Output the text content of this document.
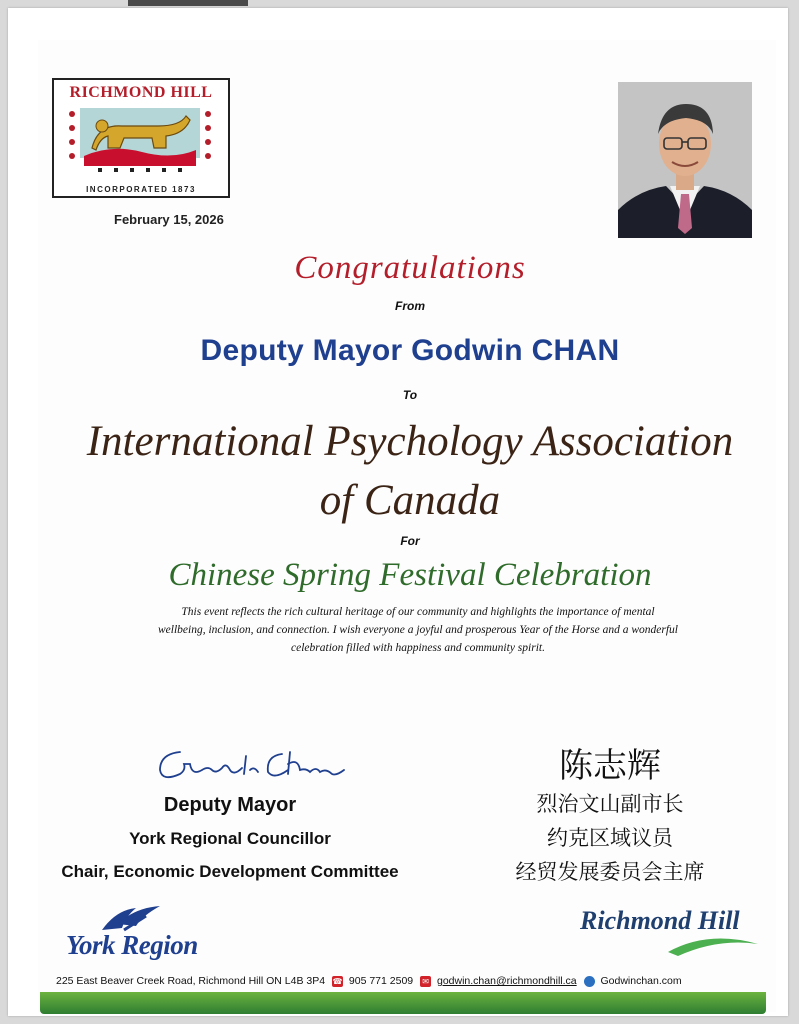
RICHMOND HILL
INCORPORATED 1873
February 15, 2026
Congratulations
From
Deputy Mayor Godwin CHAN
To
International Psychology Association
of Canada
For
Chinese Spring Festival Celebration
This event reflects the rich cultural heritage of our community and highlights the importance of mental
wellbeing, inclusion, and connection. I wish everyone a joyful and prosperous Year of the Horse and a wonderful
celebration filled with happiness and community spirit.
Deputy Mayor
York Regional Councillor
Chair, Economic Development Committee
陈志辉
烈治文山副市长
约克区域议员
经贸发展委员会主席
York Region
Richmond Hill
225 East Beaver Creek Road, Richmond Hill ON L4B 3P4 ☎ 905 771 2509 ✉ godwin.chan@richmondhill.ca Godwinchan.com
